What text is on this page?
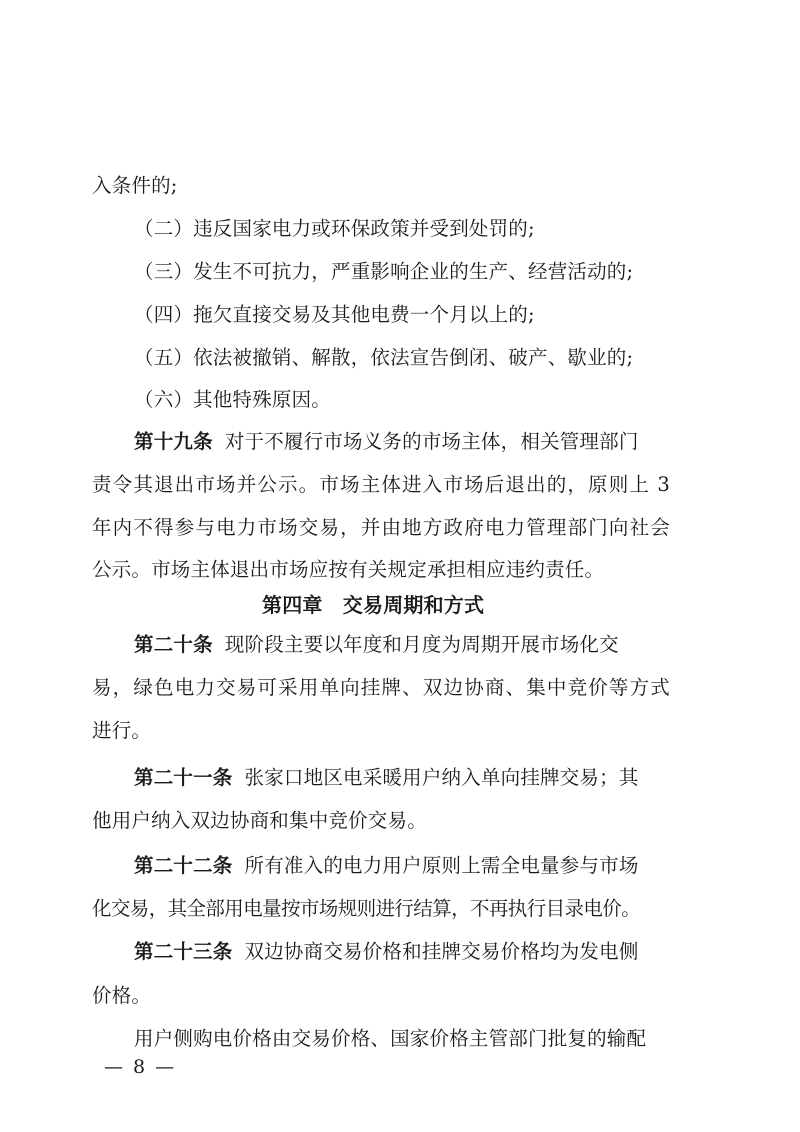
入条件的;
（二）违反国家电力或环保政策并受到处罚的;
（三）发生不可抗力，严重影响企业的生产、经营活动的;
（四）拖欠直接交易及其他电费一个月以上的;
（五）依法被撤销、解散，依法宣告倒闭、破产、歇业的;
（六）其他特殊原因。
第十九条 对于不履行市场义务的市场主体，相关管理部门
责令其退出市场并公示。市场主体进入市场后退出的，原则上 3
年内不得参与电力市场交易，并由地方政府电力管理部门向社会
公示。市场主体退出市场应按有关规定承担相应违约责任。
第四章　交易周期和方式
第二十条 现阶段主要以年度和月度为周期开展市场化交
易，绿色电力交易可采用单向挂牌、双边协商、集中竞价等方式
进行。
第二十一条 张家口地区电采暖用户纳入单向挂牌交易；其
他用户纳入双边协商和集中竞价交易。
第二十二条 所有准入的电力用户原则上需全电量参与市场
化交易，其全部用电量按市场规则进行结算，不再执行目录电价。
第二十三条 双边协商交易价格和挂牌交易价格均为发电侧
价格。
用户侧购电价格由交易价格、国家价格主管部门批复的输配
— 8 —
